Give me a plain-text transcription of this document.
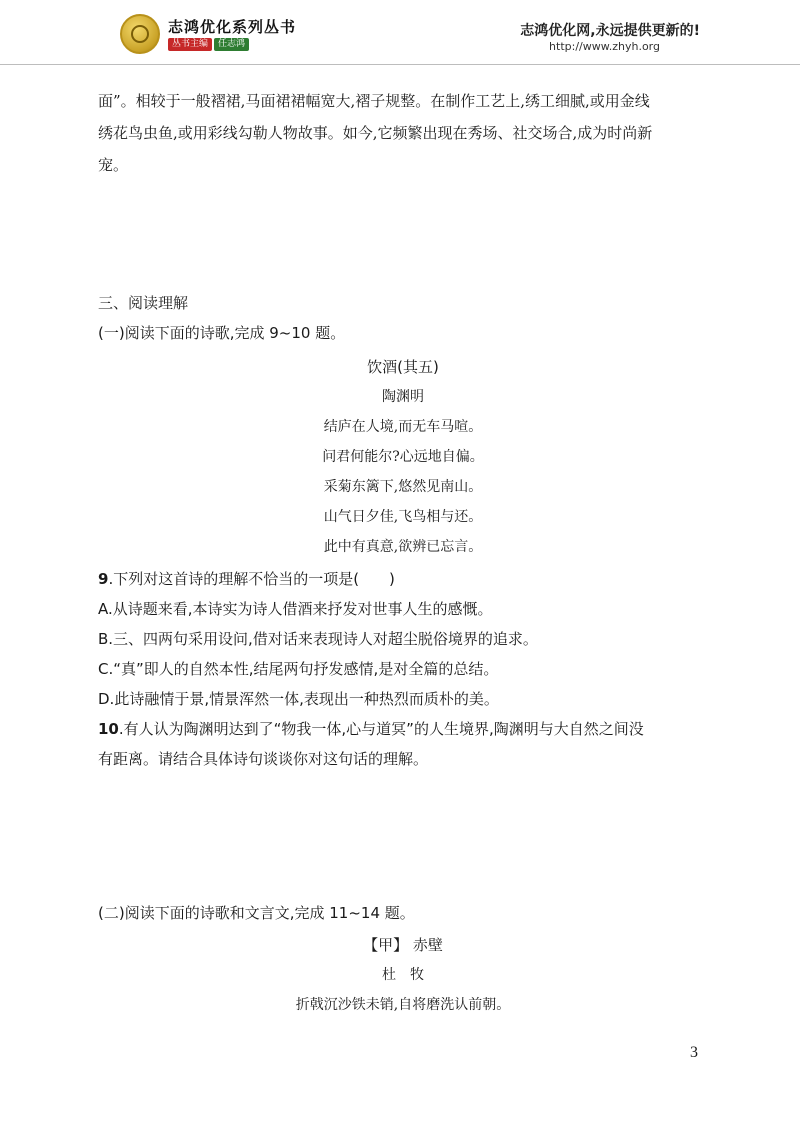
志鸿优化系列丛书
丛书主编 任志鸿
志鸿优化网,永远提供更新的!
http://www.zhyh.org

面”。相较于一般褶裙,马面裙裙幅宽大,褶子规整。在制作工艺上,绣工细腻,或用金线

绣花鸟虫鱼,或用彩线勾勒人物故事。如今,它频繁出现在秀场、社交场合,成为时尚新

宠。

三、阅读理解

(一)阅读下面的诗歌,完成 9~10 题。

饮酒(其五)

陶渊明

结庐在人境,而无车马喧。

问君何能尔?心远地自偏。

采菊东篱下,悠然见南山。

山气日夕佳,飞鸟相与还。

此中有真意,欲辨已忘言。

9.下列对这首诗的理解不恰当的一项是(　　)

A.从诗题来看,本诗实为诗人借酒来抒发对世事人生的感慨。

B.三、四两句采用设问,借对话来表现诗人对超尘脱俗境界的追求。

C.“真”即人的自然本性,结尾两句抒发感情,是对全篇的总结。

D.此诗融情于景,情景浑然一体,表现出一种热烈而质朴的美。

10.有人认为陶渊明达到了“物我一体,心与道冥”的人生境界,陶渊明与大自然之间没

有距离。请结合具体诗句谈谈你对这句话的理解。

(二)阅读下面的诗歌和文言文,完成 11~14 题。

【甲】 赤壁

杜　牧

折戟沉沙铁未销,自将磨洗认前朝。

3
